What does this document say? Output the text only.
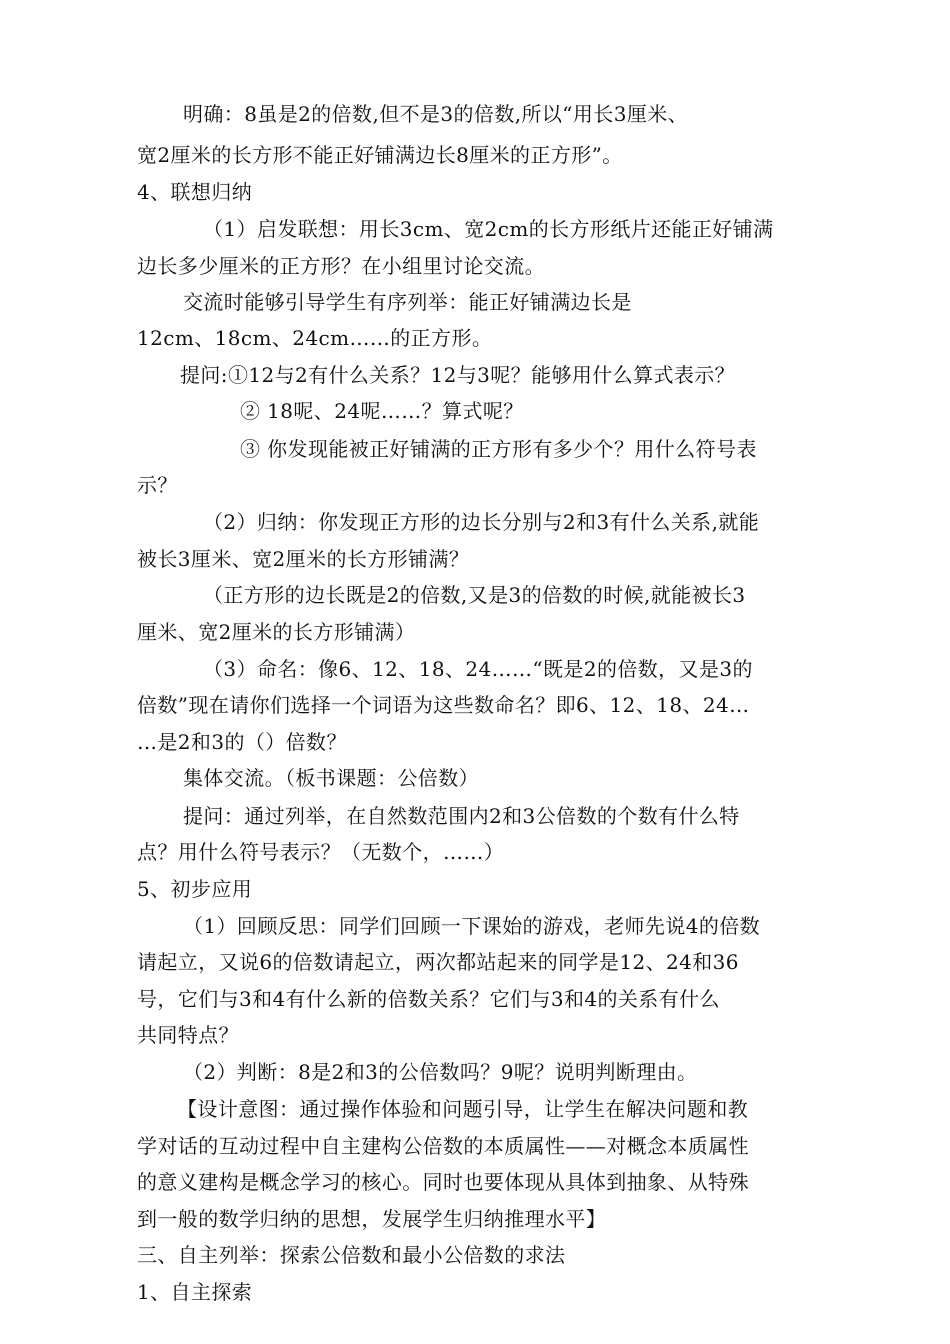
明确：8虽是2的倍数,但不是3的倍数,所以“用长3厘米、
宽2厘米的长方形不能正好铺满边长8厘米的正方形”。
4、联想归纳
（1）启发联想：用长3cm、宽2cm的长方形纸片还能正好铺满
边长多少厘米的正方形？在小组里讨论交流。
交流时能够引导学生有序列举：能正好铺满边长是
12cm、18cm、24cm……的正方形。
提问:①12与2有什么关系？12与3呢？能够用什么算式表示？
② 18呢、24呢……？算式呢？
③ 你发现能被正好铺满的正方形有多少个？用什么符号表
示？
（2）归纳：你发现正方形的边长分别与2和3有什么关系,就能
被长3厘米、宽2厘米的长方形铺满？
（正方形的边长既是2的倍数,又是3的倍数的时候,就能被长3
厘米、宽2厘米的长方形铺满）
（3）命名：像6、12、18、24……“既是2的倍数，又是3的
倍数”现在请你们选择一个词语为这些数命名？即6、12、18、24…
…是2和3的（）倍数？
集体交流。（板书课题：公倍数）
提问：通过列举，在自然数范围内2和3公倍数的个数有什么特
点？用什么符号表示？（无数个，……）
5、初步应用
（1）回顾反思：同学们回顾一下课始的游戏，老师先说4的倍数
请起立，又说6的倍数请起立，两次都站起来的同学是12、24和36
号，它们与3和4有什么新的倍数关系？它们与3和4的关系有什么
共同特点？
（2）判断：8是2和3的公倍数吗？9呢？说明判断理由。
【设计意图：通过操作体验和问题引导，让学生在解决问题和教
学对话的互动过程中自主建构公倍数的本质属性——对概念本质属性
的意义建构是概念学习的核心。同时也要体现从具体到抽象、从特殊
到一般的数学归纳的思想，发展学生归纳推理水平】
三、自主列举：探索公倍数和最小公倍数的求法
1、自主探索
